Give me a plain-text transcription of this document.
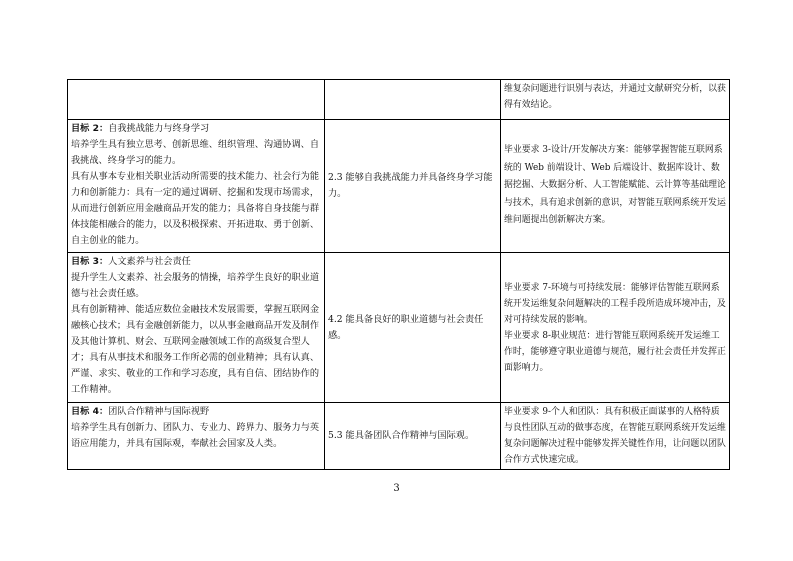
		维复杂问题进行识别与表达，并通过文献研究分析，以获得有效结论。

目标 2：自我挑战能力与终身学习
培养学生具有独立思考、创新思维、组织管理、沟通协调、自我挑战、终身学习的能力。
具有从事本专业相关职业活动所需要的技术能力、社会行为能力和创新能力：具有一定的通过调研、挖掘和发现市场需求，从而进行创新应用金融商品开发的能力；具备将自身技能与群体技能相融合的能力，以及积极探索、开拓进取、勇于创新、自主创业的能力。	2.3 能够自我挑战能力并具备终身学习能力。	毕业要求 3-设计/开发解决方案：能够掌握智能互联网系统的 Web 前端设计、Web 后端设计、数据库设计、数据挖掘、大数据分析、人工智能赋能、云计算等基础理论与技术，具有追求创新的意识，对智能互联网系统开发运维问题提出创新解决方案。

目标 3：人文素养与社会责任
提升学生人文素养、社会服务的情操，培养学生良好的职业道德与社会责任感。
具有创新精神、能适应数位金融技术发展需要，掌握互联网金融核心技术；具有金融创新能力，以从事金融商品开发及制作及其他计算机、财会、互联网金融领域工作的高级复合型人才；具有从事技术和服务工作所必需的创业精神；具有认真、严谨、求实、敬业的工作和学习态度，具有自信、团结协作的工作精神。	4.2 能具备良好的职业道德与社会责任感。	毕业要求 7-环境与可持续发展：能够评估智能互联网系统开发运维复杂问题解决的工程手段所造成环境冲击，及对可持续发展的影响。
毕业要求 8-职业规范：进行智能互联网系统开发运维工作时，能够遵守职业道德与规范，履行社会责任并发挥正面影响力。

目标 4：团队合作精神与国际视野
培养学生具有创新力、团队力、专业力、跨界力、服务力与英语应用能力，并具有国际观，奉献社会国家及人类。	5.3 能具备团队合作精神与国际观。	毕业要求 9-个人和团队：具有积极正面谋事的人格特质与良性团队互动的做事态度，在智能互联网系统开发运维复杂问题解决过程中能够发挥关键性作用，让问题以团队合作方式快速完成。
3
